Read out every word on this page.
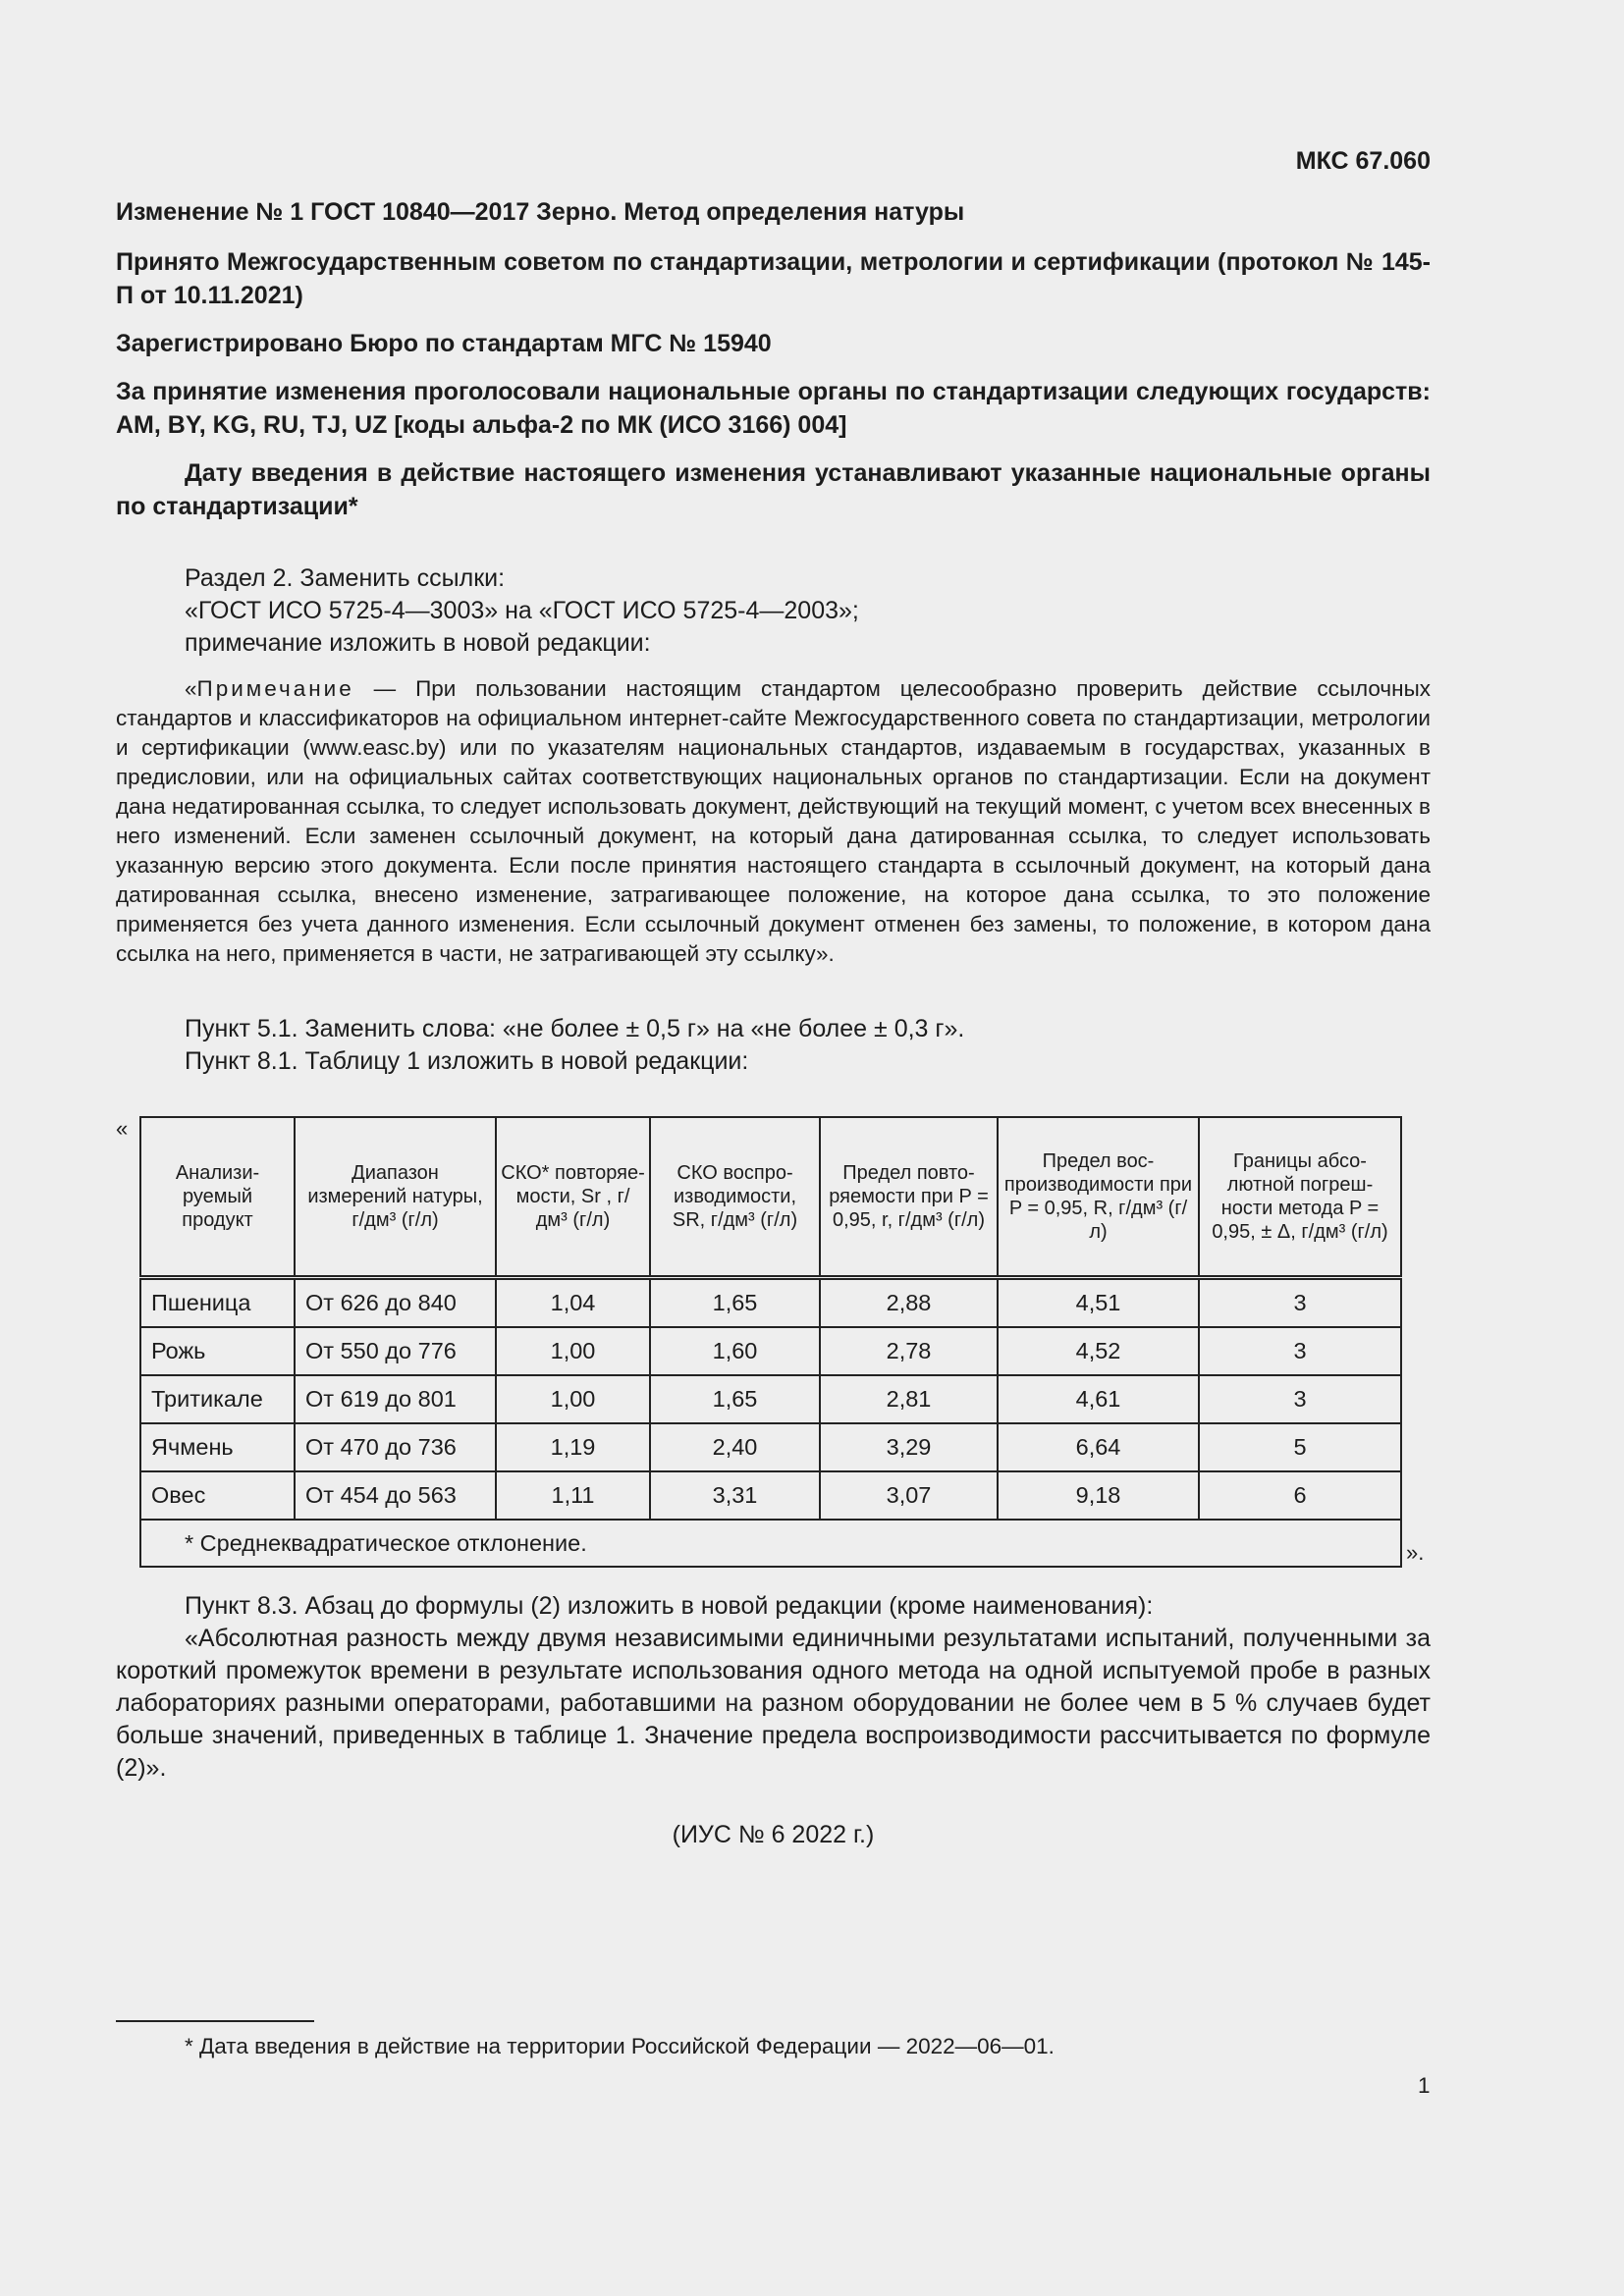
МКС 67.060

Изменение № 1 ГОСТ 10840—2017 Зерно. Метод определения натуры

Принято Межгосударственным советом по стандартизации, метрологии и сертификации (протокол № 145-П от 10.11.2021)

Зарегистрировано Бюро по стандартам МГС № 15940

За принятие изменения проголосовали национальные органы по стандартизации следующих государств: AM, BY, KG, RU, TJ, UZ [коды альфа-2 по МК (ИСО 3166) 004]

Дату введения в действие настоящего изменения устанавливают указанные национальные органы по стандартизации*

Раздел 2. Заменить ссылки:

«ГОСТ ИСО 5725-4—3003» на «ГОСТ ИСО 5725-4—2003»;

примечание изложить в новой редакции:

«Примечание — При пользовании настоящим стандартом целесообразно проверить действие ссылочных стандартов и классификаторов на официальном интернет-сайте Межгосударственного совета по стандартизации, метрологии и сертификации (www.easc.by) или по указателям национальных стандартов, издаваемым в государствах, указанных в предисловии, или на официальных сайтах соответствующих национальных органов по стандартизации. Если на документ дана недатированная ссылка, то следует использовать документ, действующий на текущий момент, с учетом всех внесенных в него изменений. Если заменен ссылочный документ, на который дана датированная ссылка, то следует использовать указанную версию этого документа. Если после принятия настоящего стандарта в ссылочный документ, на который дана датированная ссылка, внесено изменение, затрагивающее положение, на которое дана ссылка, то это положение применяется без учета данного изменения. Если ссылочный документ отменен без замены, то положение, в котором дана ссылка на него, применяется в части, не затрагивающей эту ссылку».

Пункт 5.1. Заменить слова: «не более ± 0,5 г» на «не более ± 0,3 г».

Пункт 8.1. Таблицу 1 изложить в новой редакции:

«
Анализи-руемый продукт	Диапазон измерений натуры, г/дм³ (г/л)	СКО* повторяе-мости, Sr , г/дм³ (г/л)	СКО воспро-изводимости, SR, г/дм³ (г/л)	Предел повто-ряемости при P = 0,95, r, г/дм³ (г/л)	Предел вос-производимости при P = 0,95, R, г/дм³ (г/л)	Границы абсо-лютной погреш-ности метода P = 0,95, ± Δ, г/дм³ (г/л)
Пшеница	От 626 до 840	1,04	1,65	2,88	4,51	3
Рожь	От 550 до 776	1,00	1,60	2,78	4,52	3
Тритикале	От 619 до 801	1,00	1,65	2,81	4,61	3
Ячмень	От 470 до 736	1,19	2,40	3,29	6,64	5
Овес	От 454 до 563	1,11	3,31	3,07	9,18	6
* Среднеквадратическое отклонение.							».

Пункт 8.3. Абзац до формулы (2) изложить в новой редакции (кроме наименования):

«Абсолютная разность между двумя независимыми единичными результатами испытаний, полученными за короткий промежуток времени в результате использования одного метода на одной испытуемой пробе в разных лабораториях разными операторами, работавшими на разном оборудовании не более чем в 5 % случаев будет больше значений, приведенных в таблице 1. Значение предела воспроизводимости рассчитывается по формуле (2)».

(ИУС № 6 2022 г.)

* Дата введения в действие на территории Российской Федерации — 2022—06—01.

1
